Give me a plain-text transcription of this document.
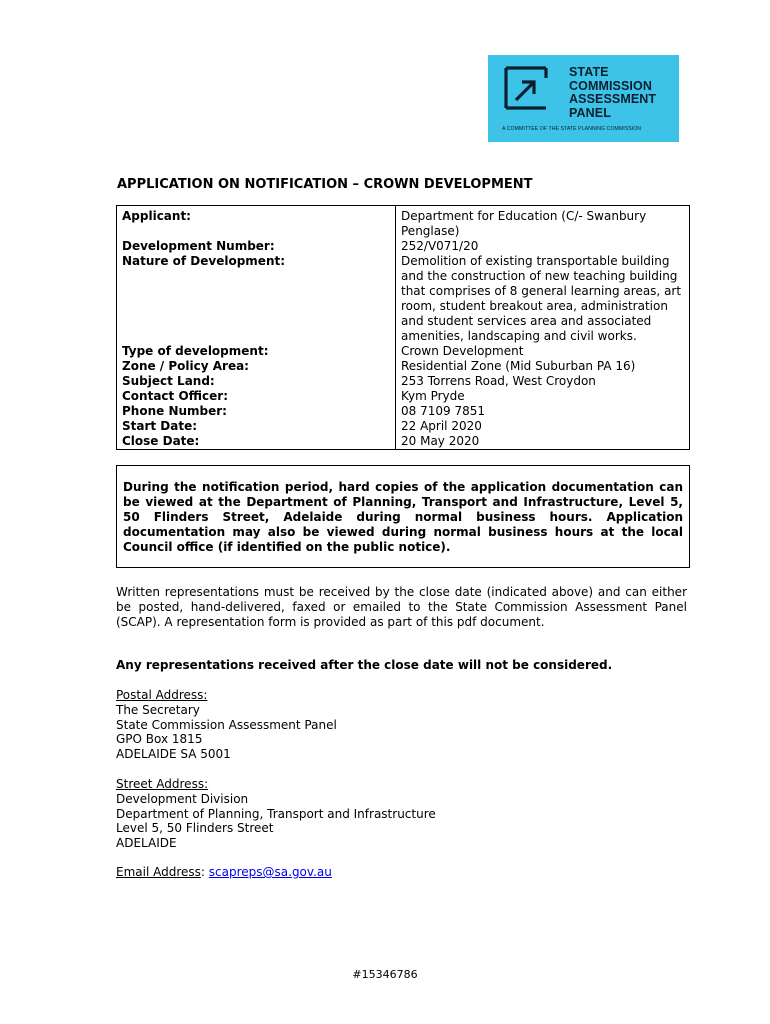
STATE
COMMISSION
ASSESSMENT
PANEL
A COMMITTEE OF THE STATE PLANNING COMMISSION
APPLICATION ON NOTIFICATION – CROWN DEVELOPMENT
Applicant:	Department for Education (C/- Swanbury Penglase)
Development Number:	252/V071/20
Nature of Development:	Demolition of existing transportable building and the construction of new teaching building that comprises of 8 general learning areas, art room, student breakout area, administration and student services area and associated amenities, landscaping and civil works.
Type of development:	Crown Development
Zone / Policy Area:	Residential Zone (Mid Suburban PA 16)
Subject Land:	253 Torrens Road, West Croydon
Contact Officer:	Kym Pryde
Phone Number:	08 7109 7851
Start Date:	22 April 2020
Close Date:	20 May 2020
During the notification period, hard copies of the application documentation can be viewed at the Department of Planning, Transport and Infrastructure, Level 5, 50 Flinders Street, Adelaide during normal business hours. Application documentation may also be viewed during normal business hours at the local Council office (if identified on the public notice).
Written representations must be received by the close date (indicated above) and can either be posted, hand-delivered, faxed or emailed to the State Commission Assessment Panel (SCAP). A representation form is provided as part of this pdf document.
Any representations received after the close date will not be considered.
Postal Address:
The Secretary
State Commission Assessment Panel
GPO Box 1815
ADELAIDE SA 5001
Street Address:
Development Division
Department of Planning, Transport and Infrastructure
Level 5, 50 Flinders Street
ADELAIDE
Email Address: scapreps@sa.gov.au
#15346786
